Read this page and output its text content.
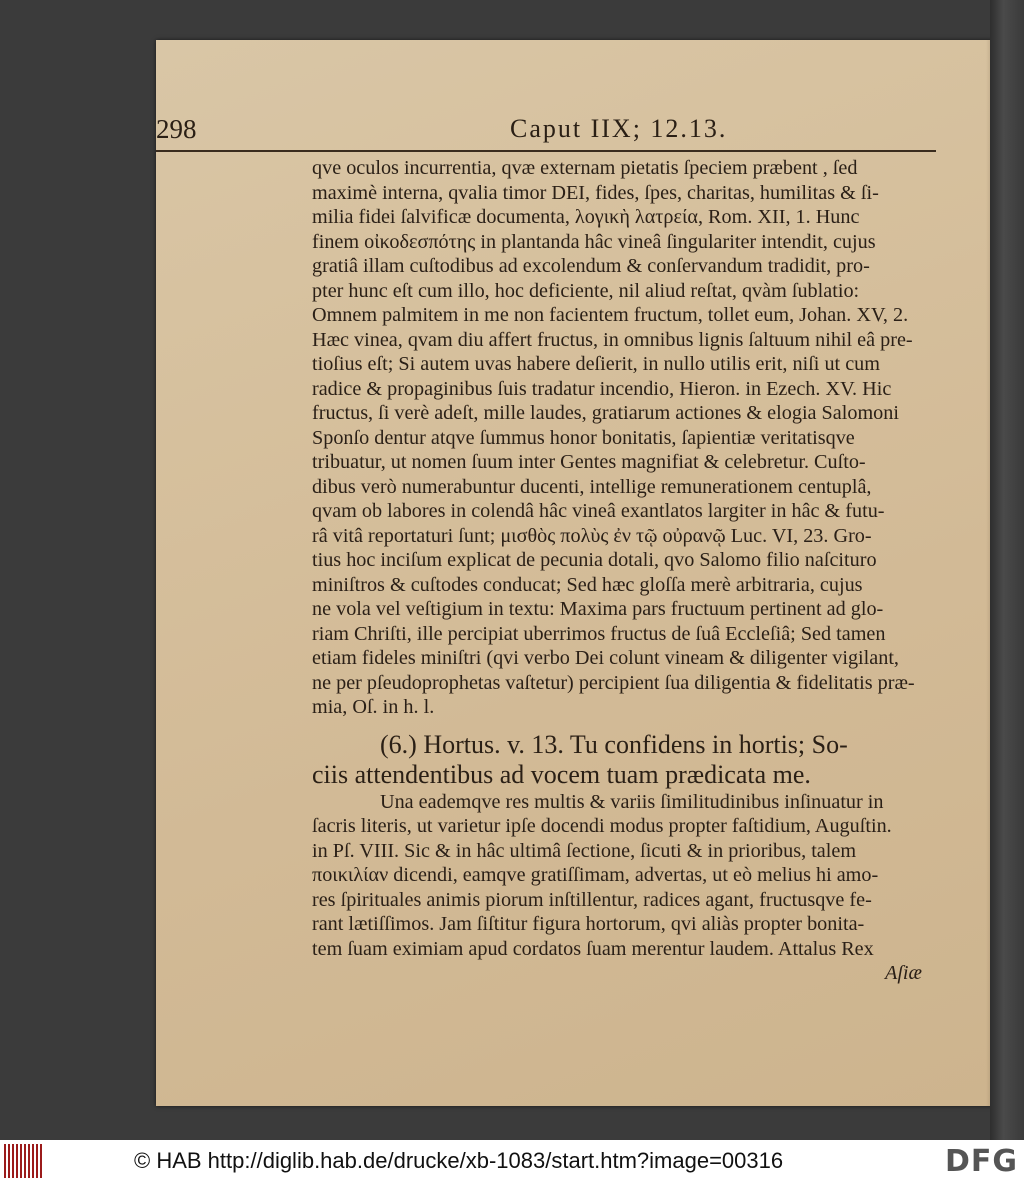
298	Caput IIX; 12.13.
qve oculos incurrentia, qvæ externam pietatis ſpeciem præbent , ſed
maximè interna, qvalia timor DEI, fides, ſpes, charitas, humilitas & ſi-
milia fidei ſalvificæ documenta, λογικὴ λατρεία, Rom. XII, 1. Hunc
finem οἰκοδεσπότης in plantanda hâc vineâ ſingulariter intendit, cujus
gratiâ illam cuſtodibus ad excolendum & conſervandum tradidit, pro-
pter hunc eſt cum illo, hoc deficiente, nil aliud reſtat, qvàm ſublatio:
Omnem palmitem in me non facientem fructum, tollet eum, Johan. XV, 2.
Hæc vinea, qvam diu affert fructus, in omnibus lignis ſaltuum nihil eâ pre-
tioſius eſt; Si autem uvas habere deſierit, in nullo utilis erit, niſi ut cum
radice & propaginibus ſuis tradatur incendio, Hieron. in Ezech. XV. Hic
fructus, ſi verè adeſt, mille laudes, gratiarum actiones & elogia Salomoni
Sponſo dentur atqve ſummus honor bonitatis, ſapientiæ veritatisqve
tribuatur, ut nomen ſuum inter Gentes magnifiat & celebretur. Cuſto-
dibus verò numerabuntur ducenti, intellige remunerationem centuplâ,
qvam ob labores in colendâ hâc vineâ exantlatos largiter in hâc & futu-
râ vitâ reportaturi ſunt; μισθὸς πολὺς ἐν τῷ οὐρανῷ Luc. VI, 23. Gro-
tius hoc inciſum explicat de pecunia dotali, qvo Salomo filio naſcituro
miniſtros & cuſtodes conducat; Sed hæc gloſſa merè arbitraria, cujus
ne vola vel veſtigium in textu: Maxima pars fructuum pertinent ad glo-
riam Chriſti, ille percipiat uberrimos fructus de ſuâ Eccleſiâ; Sed tamen
etiam fideles miniſtri (qvi verbo Dei colunt vineam & diligenter vigilant,
ne per pſeudoprophetas vaſtetur) percipient ſua diligentia & fidelitatis præ-
mia, Oſ. in h. l.
(6.) Hortus. v. 13. Tu confidens in hortis; So-
ciis attendentibus ad vocem tuam prædicata me.
Una eademqve res multis & variis ſimilitudinibus inſinuatur in
ſacris literis, ut varietur ipſe docendi modus propter faſtidium, Auguſtin.
in Pſ. VIII. Sic & in hâc ultimâ ſectione, ſicuti & in prioribus, talem
ποικιλίαν dicendi, eamqve gratiſſimam, advertas, ut eò melius hi amo-
res ſpirituales animis piorum inſtillentur, radices agant, fructusqve fe-
rant lætiſſimos. Jam ſiſtitur figura hortorum, qvi aliàs propter bonita-
tem ſuam eximiam apud cordatos ſuam merentur laudem. Attalus Rex
Aſiæ
© HAB http://diglib.hab.de/drucke/xb-1083/start.htm?image=00316	DFG
